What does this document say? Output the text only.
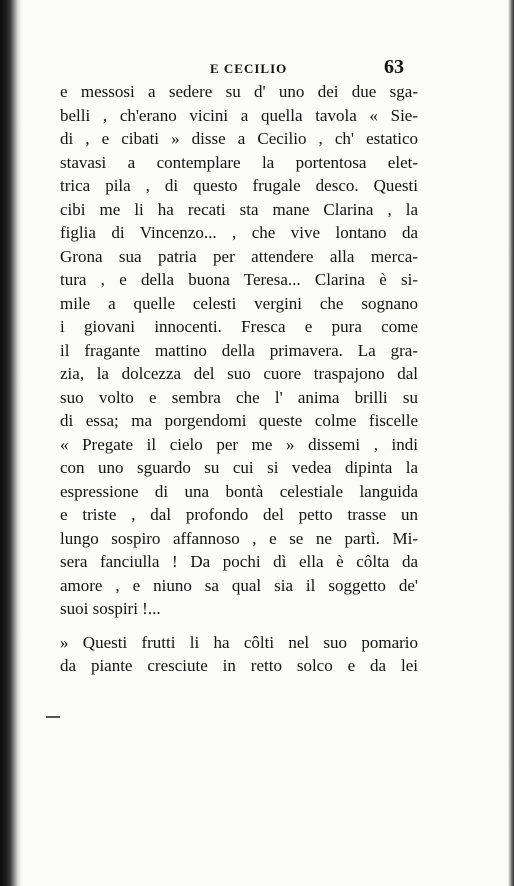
E CECILIO	63
e messosi a sedere su d' uno dei due sga-
belli , ch'erano vicini a quella tavola « Sie-
di , e cibati » disse a Cecilio , ch' estatico
stavasi a contemplare la portentosa elet-
trica pila , di questo frugale desco. Questi
cibi me li ha recati sta mane Clarina , la
figlia di Vincenzo... , che vive lontano da
Grona sua patria per attendere alla merca-
tura , e della buona Teresa... Clarina è si-
mile a quelle celesti vergini che sognano
i giovani innocenti. Fresca e pura come
il fragante mattino della primavera. La gra-
zia, la dolcezza del suo cuore traspajono dal
suo volto e sembra che l' anima brilli su
di essa; ma porgendomi queste colme fiscelle
« Pregate il cielo per me » dissemi , indi
con uno sguardo su cui si vedea dipinta la
espressione di una bontà celestiale languida
e triste , dal profondo del petto trasse un
lungo sospiro affannoso , e se ne partì. Mi-
sera fanciulla ! Da pochi dì ella è côlta da
amore , e niuno sa qual sia il soggetto de'
suoi sospiri !...
» Questi frutti li ha côlti nel suo pomario
da piante cresciute in retto solco e da lei
